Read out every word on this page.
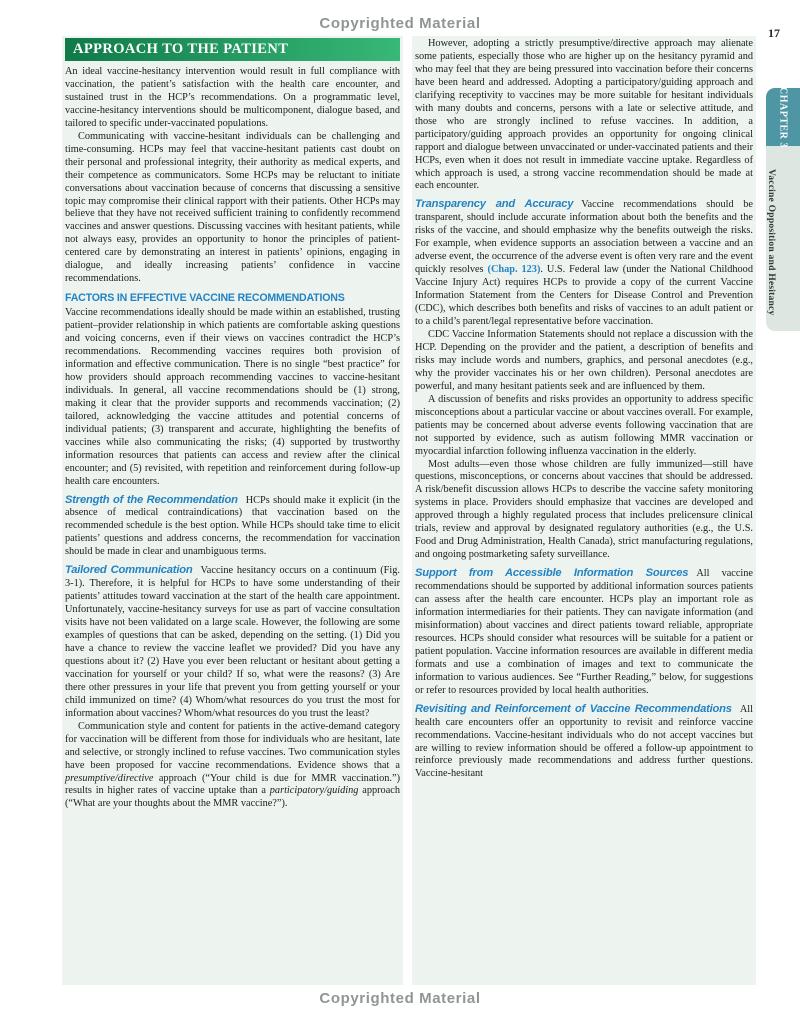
Copyrighted Material
17
APPROACH TO THE PATIENT

An ideal vaccine-hesitancy intervention would result in full compliance with vaccination, the patient’s satisfaction with the health care encounter, and sustained trust in the HCP’s recommendations. On a programmatic level, vaccine-hesitancy interventions should be multicomponent, dialogue based, and tailored to specific under-vaccinated populations.

Communicating with vaccine-hesitant individuals can be challenging and time-consuming. HCPs may feel that vaccine-hesitant patients cast doubt on their personal and professional integrity, their authority as medical experts, and their competence as communicators. Some HCPs may be reluctant to initiate conversations about vaccination because of concerns that discussing a sensitive topic may compromise their clinical rapport with their patients. Other HCPs may believe that they have not received sufficient training to confidently recommend vaccines and answer questions. Discussing vaccines with hesitant patients, while not always easy, provides an opportunity to honor the principles of patient-centered care by demonstrating an interest in patients’ opinions, engaging in dialogue, and ideally increasing patients’ confidence in vaccine recommendations.

FACTORS IN EFFECTIVE VACCINE RECOMMENDATIONS

Vaccine recommendations ideally should be made within an established, trusting patient–provider relationship in which patients are comfortable asking questions and voicing concerns, even if their views on vaccines contradict the HCP’s recommendations. Recommending vaccines requires both provision of information and effective communication. There is no single “best practice” for how providers should approach recommending vaccines to vaccine-hesitant individuals. In general, all vaccine recommendations should be (1) strong, making it clear that the provider supports and recommends vaccination; (2) tailored, acknowledging the vaccine attitudes and potential concerns of individual patients; (3) transparent and accurate, highlighting the benefits of vaccines while also communicating the risks; (4) supported by trustworthy information resources that patients can access and review after the clinical encounter; and (5) revisited, with repetition and reinforcement during follow-up health care encounters.

Strength of the Recommendation HCPs should make it explicit (in the absence of medical contraindications) that vaccination based on the recommended schedule is the best option. While HCPs should take time to elicit patients’ questions and address concerns, the recommendation for vaccination should be made in clear and unambiguous terms.

Tailored Communication Vaccine hesitancy occurs on a continuum (Fig. 3-1). Therefore, it is helpful for HCPs to have some understanding of their patients’ attitudes toward vaccination at the start of the health care appointment. Unfortunately, vaccine-hesitancy surveys for use as part of vaccine consultation visits have not been validated on a large scale. However, the following are some examples of questions that can be asked, depending on the setting. (1) Did you have a chance to review the vaccine leaflet we provided? Did you have any questions about it? (2) Have you ever been reluctant or hesitant about getting a vaccination for yourself or your child? If so, what were the reasons? (3) Are there other pressures in your life that prevent you from getting yourself or your child immunized on time? (4) Whom/what resources do you trust the most for information about vaccines? Whom/what resources do you trust the least?

Communication style and content for patients in the active-demand category for vaccination will be different from those for individuals who are hesitant, late and selective, or strongly inclined to refuse vaccines. Two communication styles have been proposed for vaccine recommendations. Evidence shows that a presumptive/directive approach (“Your child is due for MMR vaccination.”) results in higher rates of vaccine uptake than a participatory/guiding approach (“What are your thoughts about the MMR vaccine?”).

However, adopting a strictly presumptive/directive approach may alienate some patients, especially those who are higher up on the hesitancy pyramid and who may feel that they are being pressured into vaccination before their concerns have been heard and addressed. Adopting a participatory/guiding approach and clarifying receptivity to vaccines may be more suitable for hesitant individuals with many doubts and concerns, persons with a late or selective attitude, and those who are strongly inclined to refuse vaccines. In addition, a participatory/guiding approach provides an opportunity for ongoing clinical rapport and dialogue between unvaccinated or under-vaccinated patients and their HCPs, even when it does not result in immediate vaccine uptake. Regardless of which approach is used, a strong vaccine recommendation should be made at each encounter.

Transparency and Accuracy Vaccine recommendations should be transparent, should include accurate information about both the benefits and the risks of the vaccine, and should emphasize why the benefits outweigh the risks. For example, when evidence supports an association between a vaccine and an adverse event, the occurrence of the adverse event is often very rare and the event quickly resolves (Chap. 123). U.S. Federal law (under the National Childhood Vaccine Injury Act) requires HCPs to provide a copy of the current Vaccine Information Statement from the Centers for Disease Control and Prevention (CDC), which describes both benefits and risks of vaccines to an adult patient or to a child’s parent/legal representative before vaccination.

CDC Vaccine Information Statements should not replace a discussion with the HCP. Depending on the provider and the patient, a description of benefits and risks may include words and numbers, graphics, and personal anecdotes (e.g., why the provider vaccinates his or her own children). Personal anecdotes are powerful, and many hesitant patients seek and are influenced by them.

A discussion of benefits and risks provides an opportunity to address specific misconceptions about a particular vaccine or about vaccines overall. For example, patients may be concerned about adverse events following vaccination that are not supported by evidence, such as autism following MMR vaccination or myocardial infarction following influenza vaccination in the elderly.

Most adults—even those whose children are fully immunized—still have questions, misconceptions, or concerns about vaccines that should be addressed. A risk/benefit discussion allows HCPs to describe the vaccine safety monitoring systems in place. Providers should emphasize that vaccines are developed and approved through a highly regulated process that includes prelicensure clinical trials, review and approval by designated regulatory authorities (e.g., the U.S. Food and Drug Administration, Health Canada), strict manufacturing regulations, and ongoing postmarketing safety surveillance.

Support from Accessible Information Sources All vaccine recommendations should be supported by additional information sources patients can assess after the health care encounter. HCPs play an important role as information intermediaries for their patients. They can navigate information (and misinformation) about vaccines and direct patients toward reliable, appropriate resources. HCPs should consider what resources will be suitable for a patient or patient population. Vaccine information resources are available in different media formats and use a combination of images and text to communicate the information to various audiences. See “Further Reading,” below, for suggestions or refer to resources provided by local health authorities.

Revisiting and Reinforcement of Vaccine Recommendations All health care encounters offer an opportunity to revisit and reinforce vaccine recommendations. Vaccine-hesitant individuals who do not accept vaccines but are willing to review information should be offered a follow-up appointment to reinforce previously made recommendations and address further questions. Vaccine-hesitant

CHAPTER 3
Vaccine Opposition and Hesitancy
Copyrighted Material
